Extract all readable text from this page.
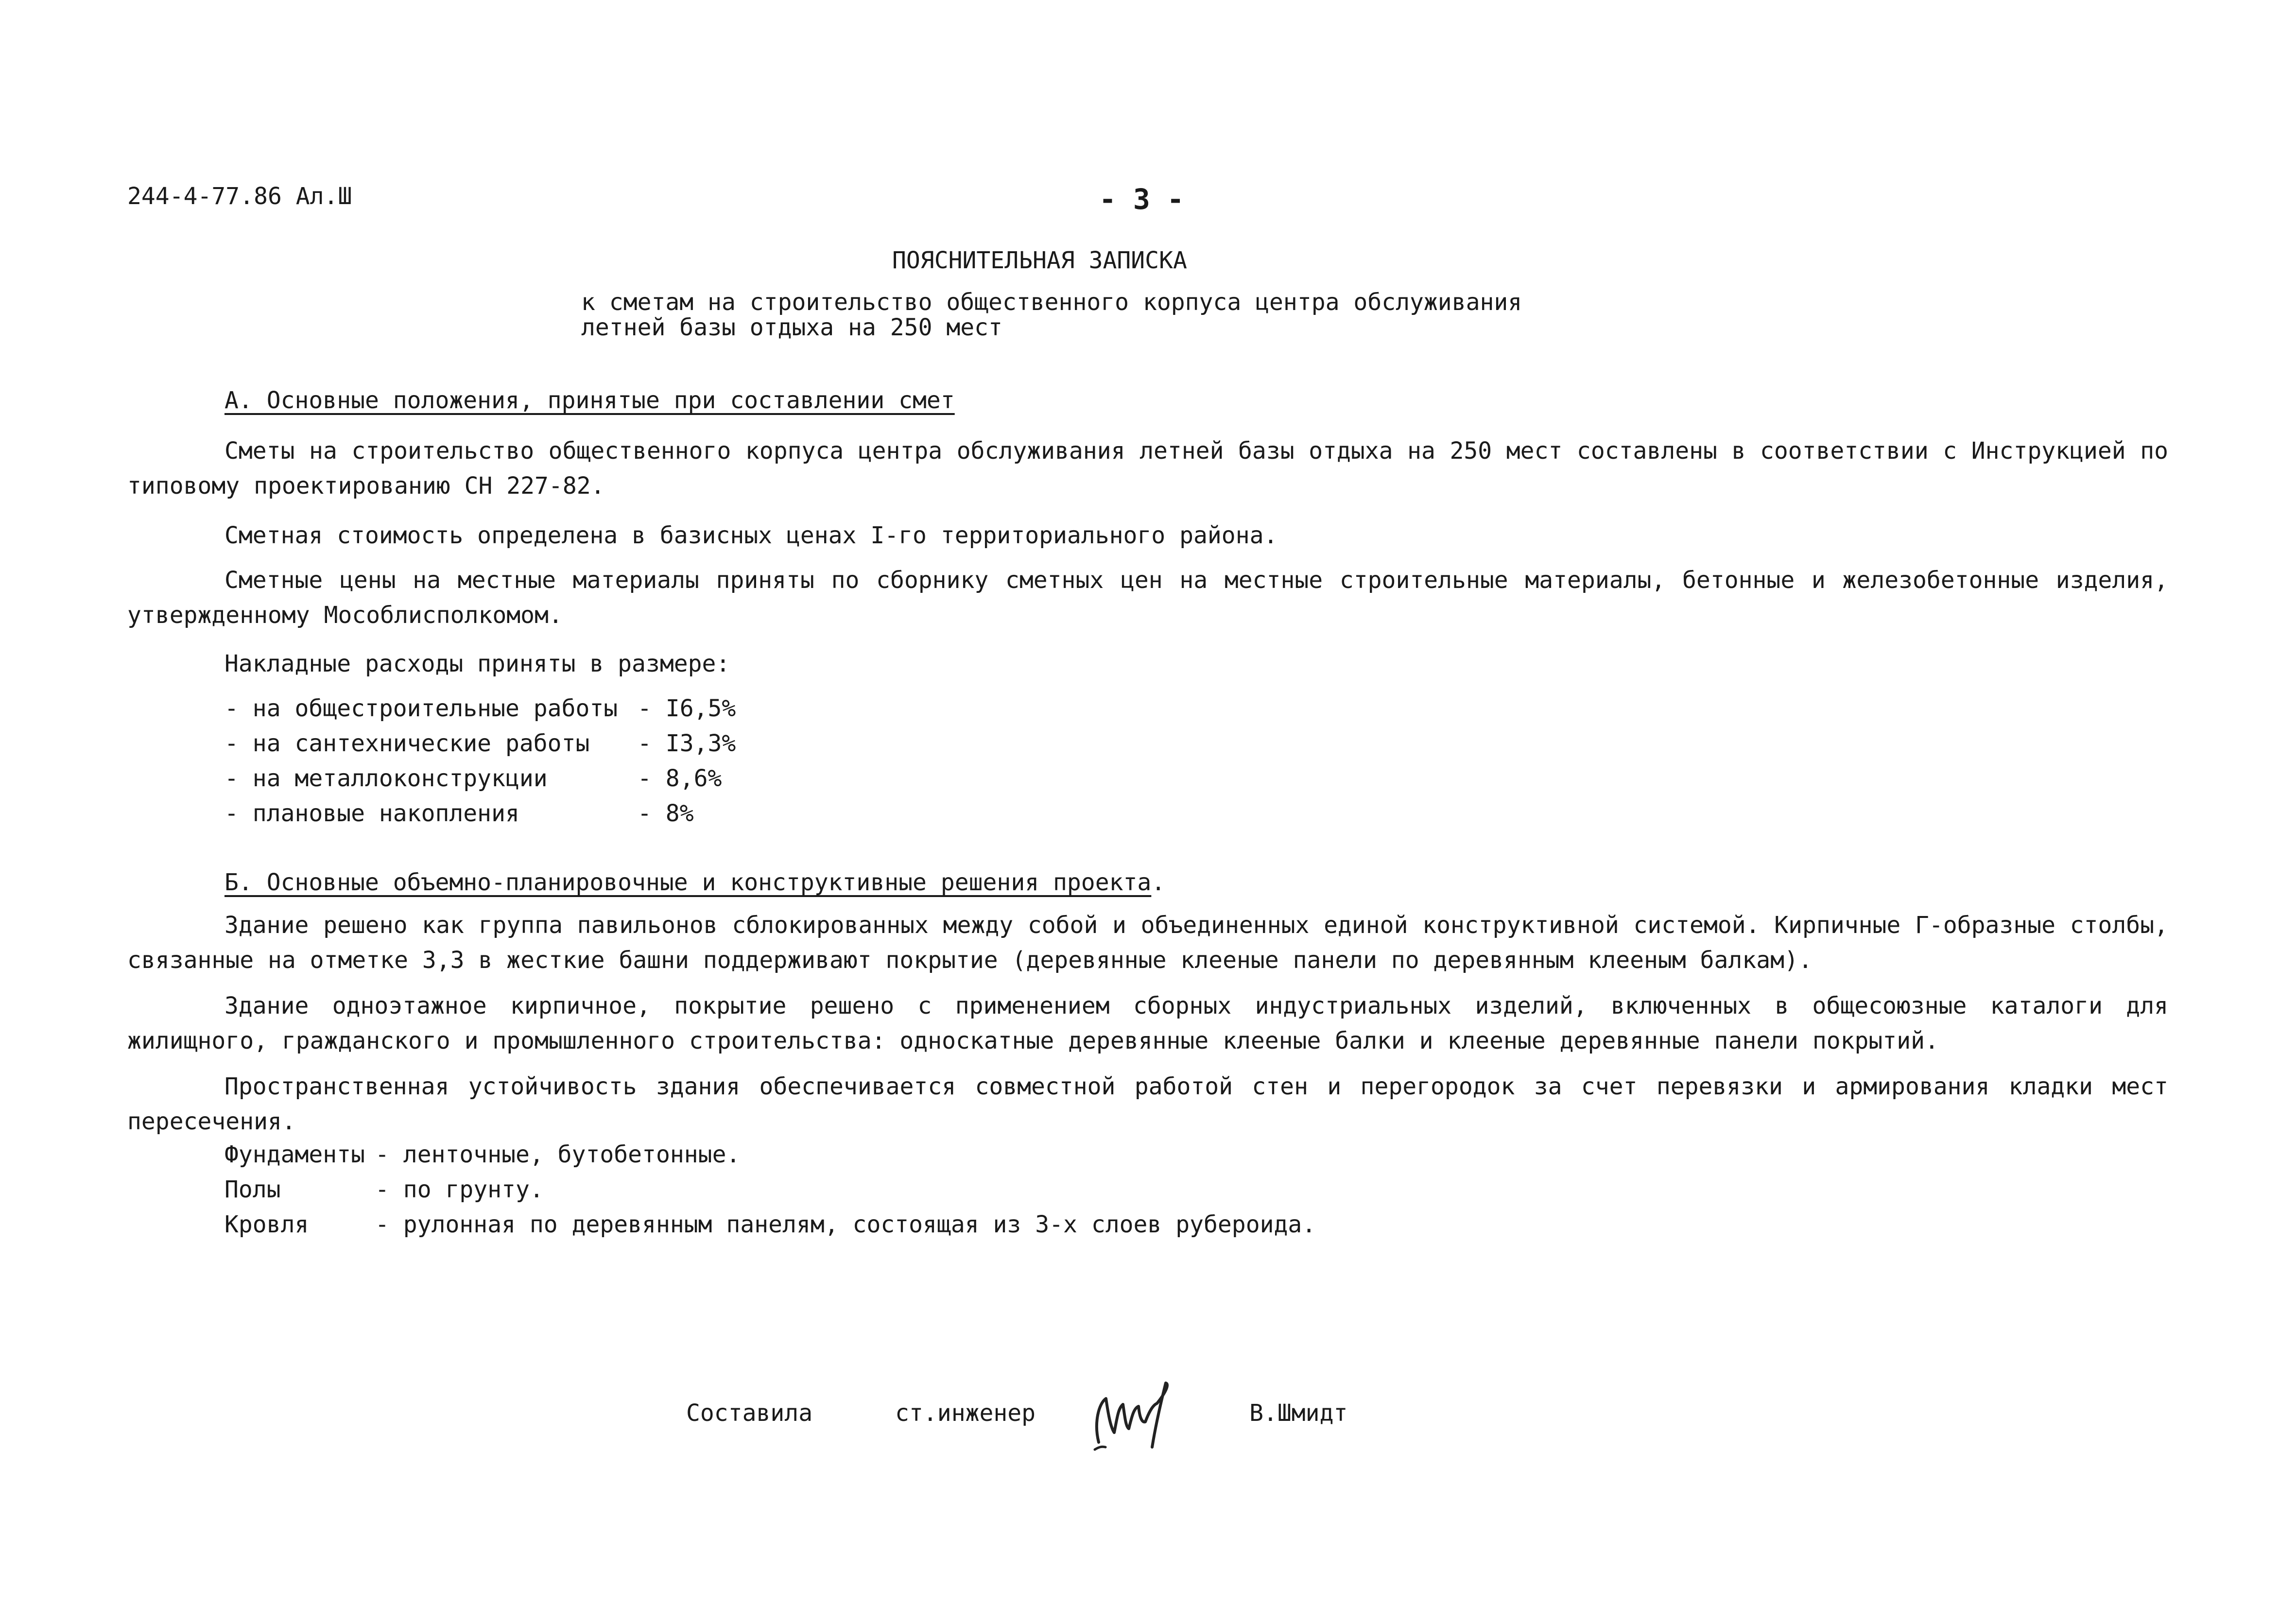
244-4-77.86 Ал.Ш	- 3 -
ПОЯСНИТЕЛЬНАЯ ЗАПИСКА
к сметам на строительство общественного корпуса центра обслуживания
летней базы отдыха на 250 мест
А. Основные положения, принятые при составлении смет
Сметы на строительство общественного корпуса центра обслуживания летней базы отдыха на 250 мест составлены в соответствии с Инструкцией по типовому проектированию СН 227-82.
Сметная стоимость определена в базисных ценах I-го территориального района.
Сметные цены на местные материалы приняты по сборнику сметных цен на местные строительные материалы, бетонные и железобетонные изделия, утвержденному Мособлисполкомом.
Накладные расходы приняты в размере:
- на общестроительные работы - I6,5%
- на сантехнические работы	- I3,3%
- на металлоконструкции	- 8,6%
- плановые накопления	- 8%
Б. Основные объемно-планировочные и конструктивные решения проекта.
Здание решено как группа павильонов сблокированных между собой и объединенных единой конструктивной системой. Кирпичные Г-образные столбы, связанные на отметке 3,3 в жесткие башни поддерживают покрытие (деревянные клееные панели по деревянным клееным балкам).
Здание одноэтажное кирпичное, покрытие решено с применением сборных индустриальных изделий, включенных в общесоюзные каталоги для жилищного, гражданского и промышленного строительства: односкатные деревянные клееные балки и клееные деревянные панели покрытий.
Пространственная устойчивость здания обеспечивается совместной работой стен и перегородок за счет перевязки и армирования кладки мест пересечения.
Фундаменты - ленточные, бутобетонные.
Полы	- по грунту.
Кровля	- рулонная по деревянным панелям, состоящая из 3-х слоев рубероида.
Составила	ст.инженер	В.Шмидт
